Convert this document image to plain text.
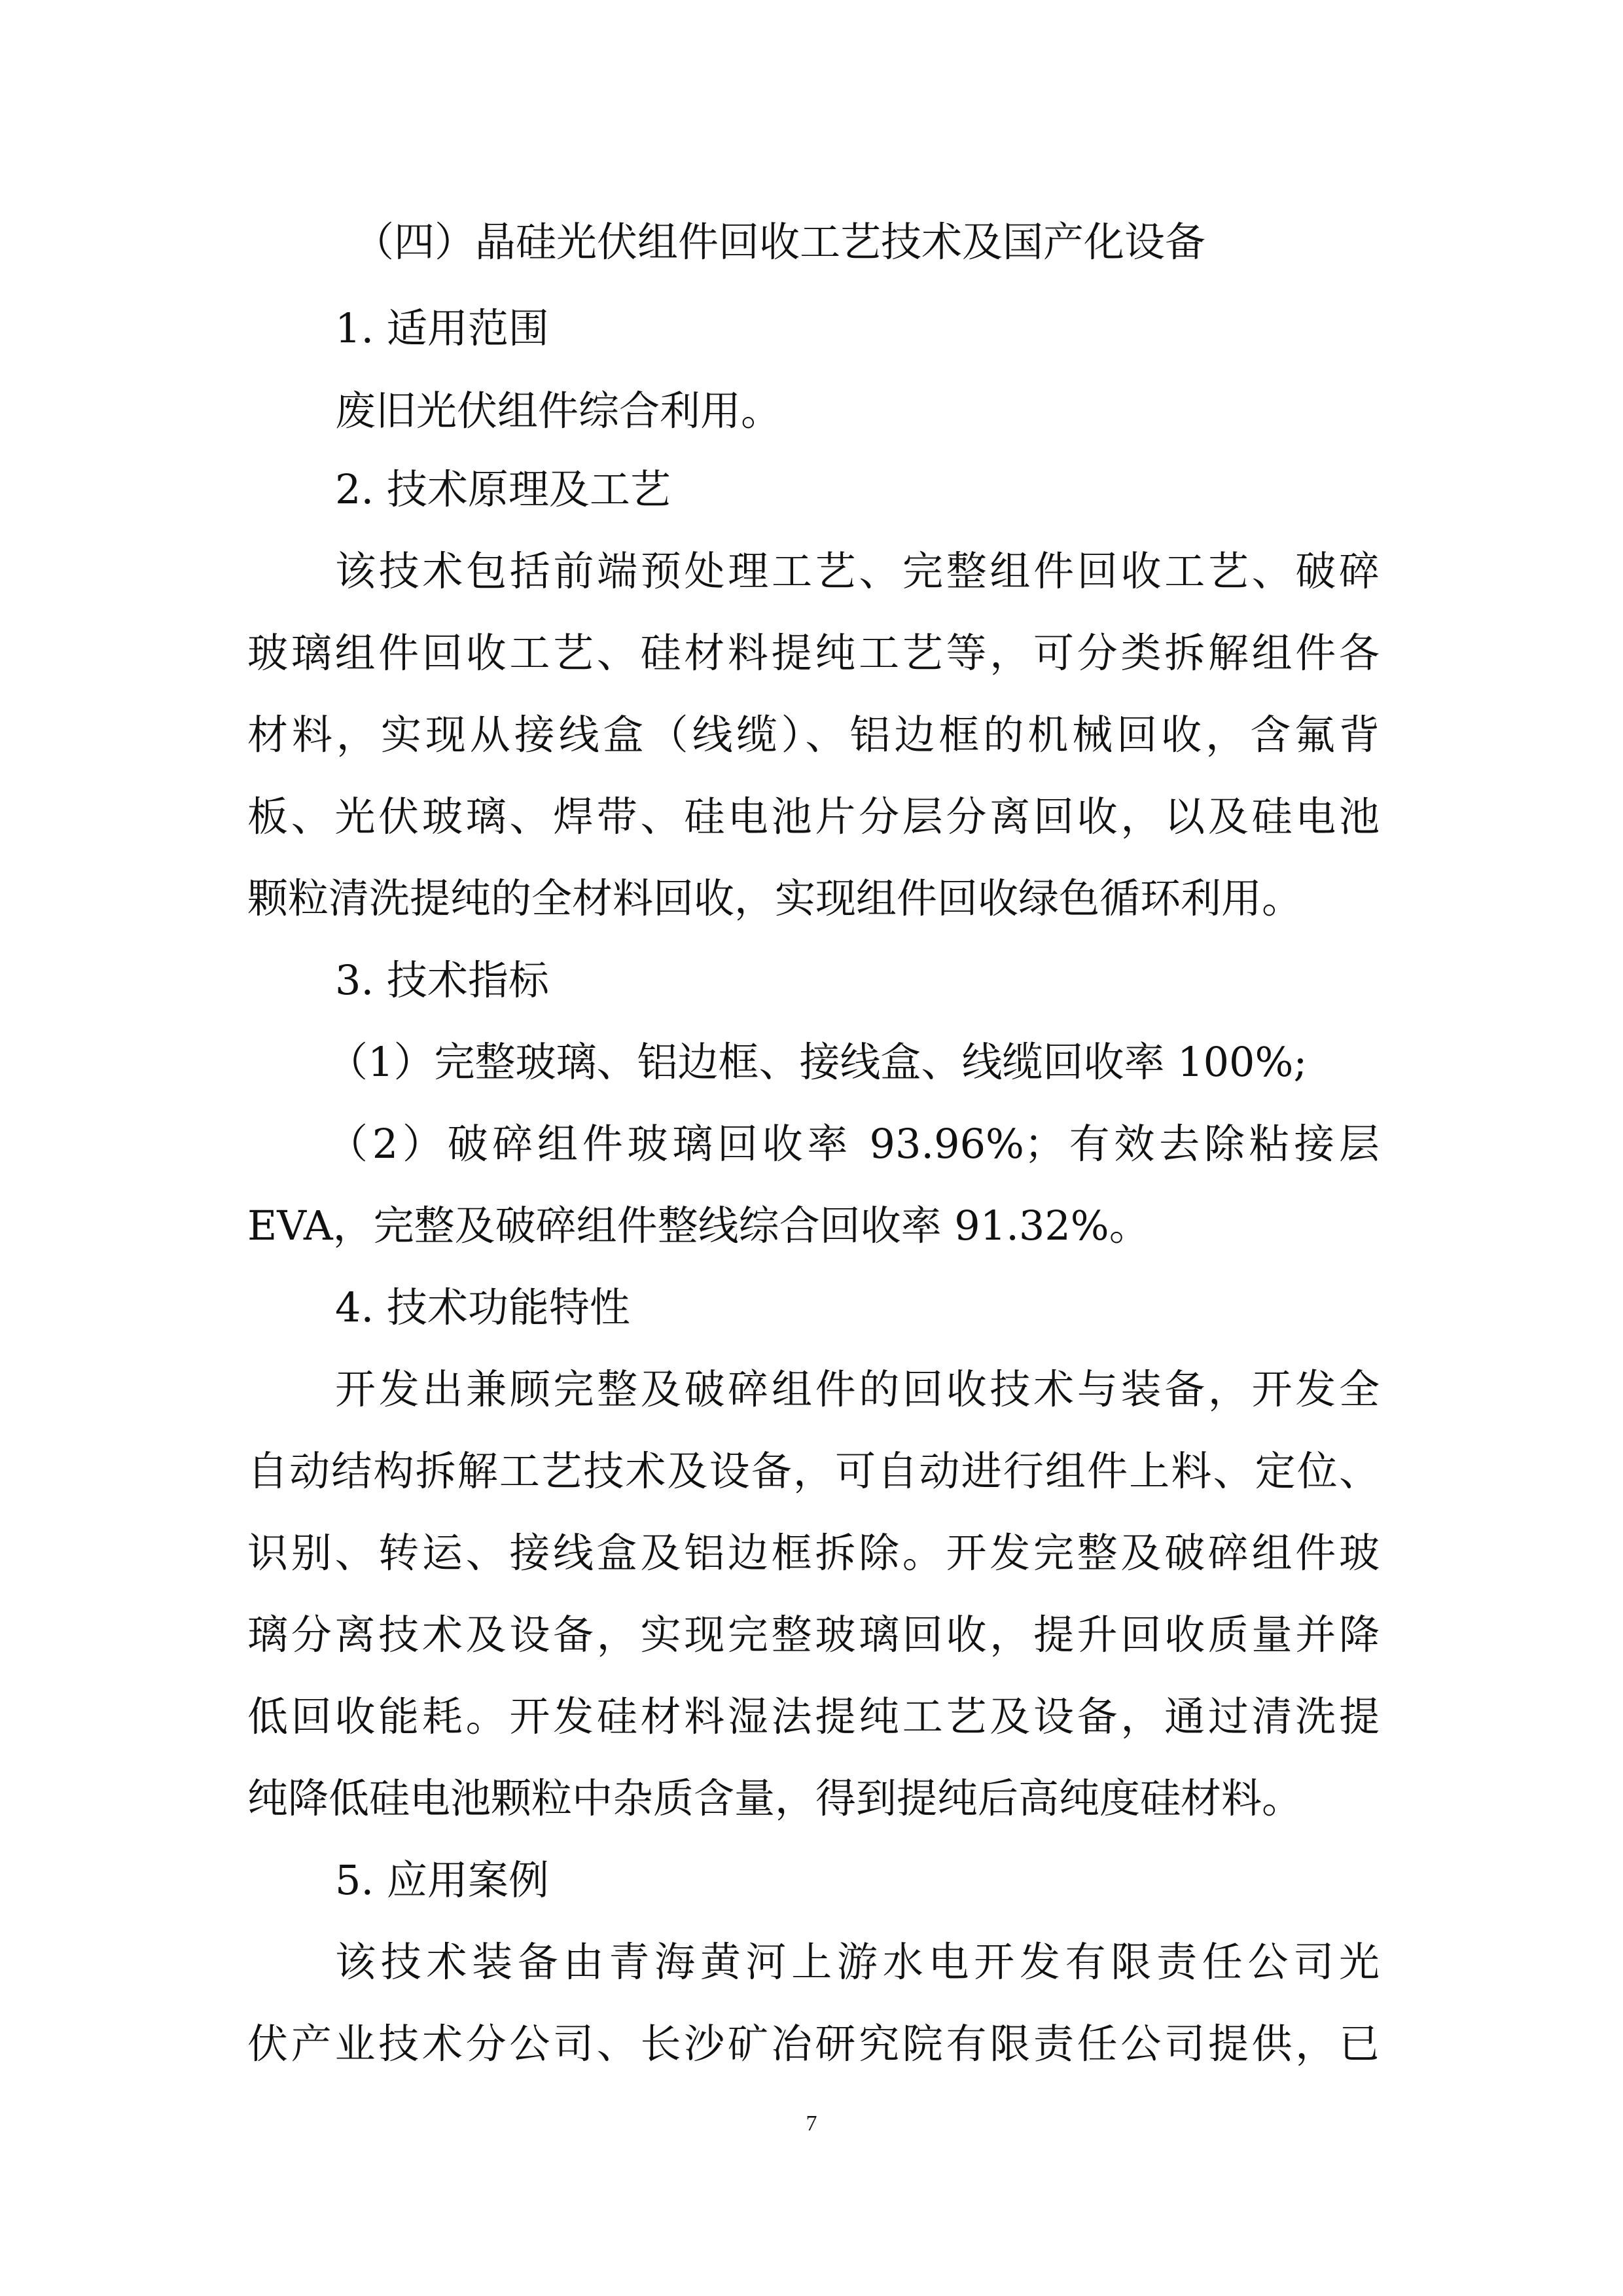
（四）晶硅光伏组件回收工艺技术及国产化设备
1. 适用范围
废旧光伏组件综合利用。
2. 技术原理及工艺
该技术包括前端预处理工艺、完整组件回收工艺、破碎
玻璃组件回收工艺、硅材料提纯工艺等，可分类拆解组件各
材料，实现从接线盒（线缆）、铝边框的机械回收，含氟背
板、光伏玻璃、焊带、硅电池片分层分离回收，以及硅电池
颗粒清洗提纯的全材料回收，实现组件回收绿色循环利用。
3. 技术指标
（1）完整玻璃、铝边框、接线盒、线缆回收率 100%;
（2）破碎组件玻璃回收率 93.96%；有效去除粘接层
EVA，完整及破碎组件整线综合回收率 91.32%。
4. 技术功能特性
开发出兼顾完整及破碎组件的回收技术与装备，开发全
自动结构拆解工艺技术及设备，可自动进行组件上料、定位、
识别、转运、接线盒及铝边框拆除。开发完整及破碎组件玻
璃分离技术及设备，实现完整玻璃回收，提升回收质量并降
低回收能耗。开发硅材料湿法提纯工艺及设备，通过清洗提
纯降低硅电池颗粒中杂质含量，得到提纯后高纯度硅材料。
5. 应用案例
该技术装备由青海黄河上游水电开发有限责任公司光
伏产业技术分公司、长沙矿冶研究院有限责任公司提供，已
7
